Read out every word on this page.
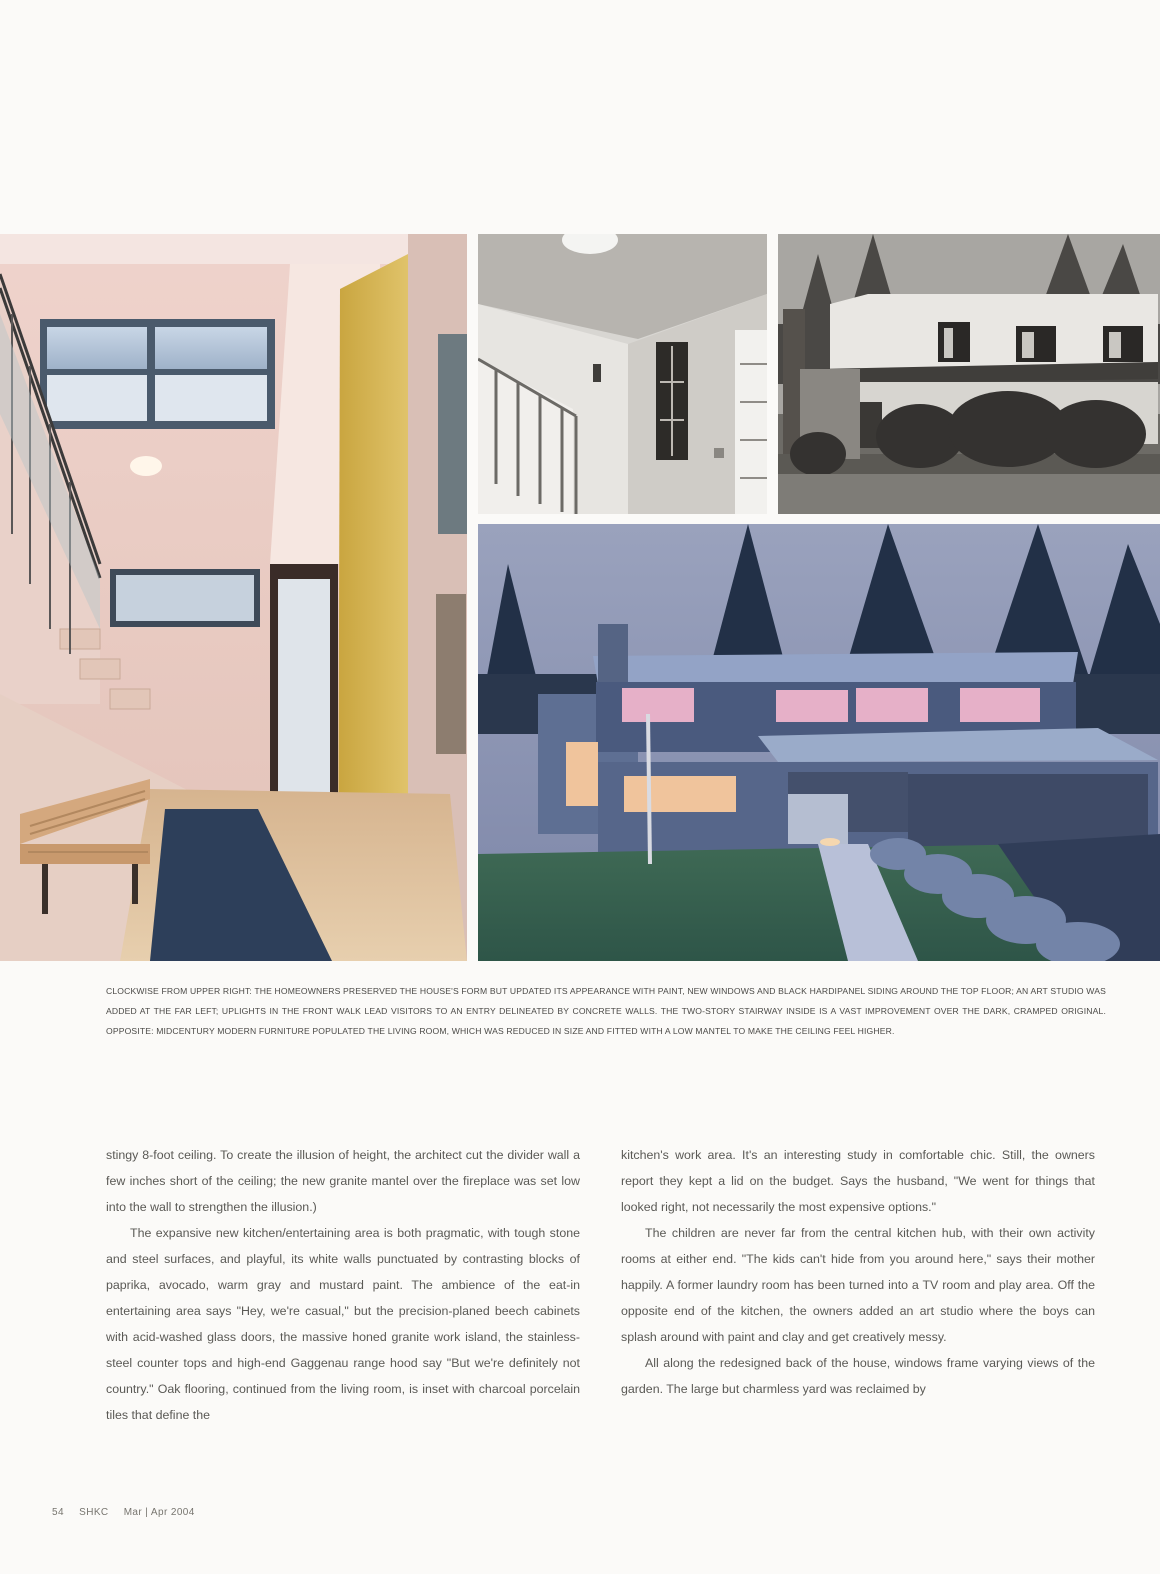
CLOCKWISE FROM UPPER RIGHT: THE HOMEOWNERS PRESERVED THE HOUSE'S FORM BUT UPDATED ITS APPEARANCE WITH PAINT, NEW WINDOWS AND BLACK HARDIPANEL SIDING AROUND THE TOP FLOOR; AN ART STUDIO WAS ADDED AT THE FAR LEFT; UPLIGHTS IN THE FRONT WALK LEAD VISITORS TO AN ENTRY DELINEATED BY CONCRETE WALLS. THE TWO-STORY STAIRWAY INSIDE IS A VAST IMPROVEMENT OVER THE DARK, CRAMPED ORIGINAL. OPPOSITE: MIDCENTURY MODERN FURNITURE POPULATED THE LIVING ROOM, WHICH WAS REDUCED IN SIZE AND FITTED WITH A LOW MANTEL TO MAKE THE CEILING FEEL HIGHER.

stingy 8-foot ceiling. To create the illusion of height, the architect cut the divider wall a few inches short of the ceiling; the new granite mantel over the fireplace was set low into the wall to strengthen the illusion.)

The expansive new kitchen/entertaining area is both pragmatic, with tough stone and steel surfaces, and playful, its white walls punctuated by contrasting blocks of paprika, avocado, warm gray and mustard paint. The ambience of the eat-in entertaining area says "Hey, we're casual," but the precision-planed beech cabinets with acid-washed glass doors, the massive honed granite work island, the stainless-steel counter tops and high-end Gaggenau range hood say "But we're definitely not country." Oak flooring, continued from the living room, is inset with charcoal porcelain tiles that define the

kitchen's work area. It's an interesting study in comfortable chic. Still, the owners report they kept a lid on the budget. Says the husband, "We went for things that looked right, not necessarily the most expensive options."

The children are never far from the central kitchen hub, with their own activity rooms at either end. "The kids can't hide from you around here," says their mother happily. A former laundry room has been turned into a TV room and play area. Off the opposite end of the kitchen, the owners added an art studio where the boys can splash around with paint and clay and get creatively messy.

All along the redesigned back of the house, windows frame varying views of the garden. The large but charmless yard was reclaimed by

54 SHKC Mar | Apr 2004
